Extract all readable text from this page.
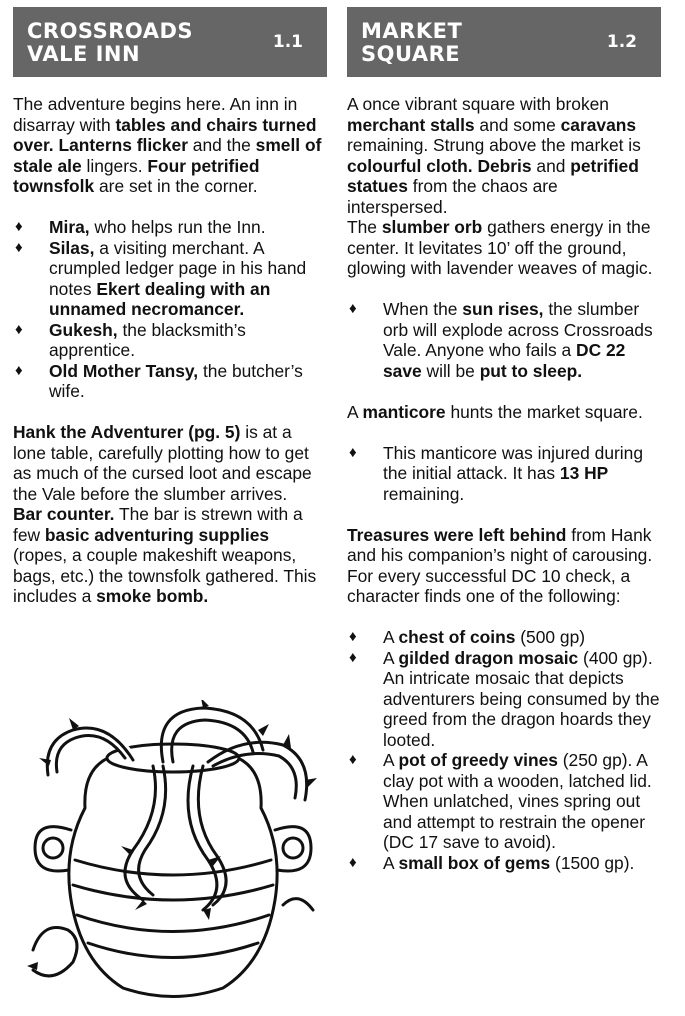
CROSSROADS
VALE INN	1.1

The adventure begins here. An inn in disarray with tables and chairs turned over. Lanterns flicker and the smell of stale ale lingers. Four petrified townsfolk are set in the corner.

♦ Mira, who helps run the Inn.
♦ Silas, a visiting merchant. A crumpled ledger page in his hand notes Ekert dealing with an unnamed necromancer.
♦ Gukesh, the blacksmith’s apprentice.
♦ Old Mother Tansy, the butcher’s wife.

Hank the Adventurer (pg. 5) is at a lone table, carefully plotting how to get as much of the cursed loot and escape the Vale before the slumber arrives.

Bar counter. The bar is strewn with a few basic adventuring supplies (ropes, a couple makeshift weapons, bags, etc.) the townsfolk gathered. This includes a smoke bomb.

MARKET
SQUARE	1.2

A once vibrant square with broken merchant stalls and some caravans remaining. Strung above the market is colourful cloth. Debris and petrified statues from the chaos are interspersed.

The slumber orb gathers energy in the center. It levitates 10’ off the ground, glowing with lavender weaves of magic.

♦ When the sun rises, the slumber orb will explode across Crossroads Vale. Anyone who fails a DC 22 save will be put to sleep.

A manticore hunts the market square.

♦ This manticore was injured during the initial attack. It has 13 HP remaining.

Treasures were left behind from Hank and his companion’s night of carousing. For every successful DC 10 check, a character finds one of the following:

♦ A chest of coins (500 gp)
♦ A gilded dragon mosaic (400 gp). An intricate mosaic that depicts adventurers being consumed by the greed from the dragon hoards they looted.
♦ A pot of greedy vines (250 gp). A clay pot with a wooden, latched lid. When unlatched, vines spring out and attempt to restrain the opener (DC 17 save to avoid).
♦ A small box of gems (1500 gp).
